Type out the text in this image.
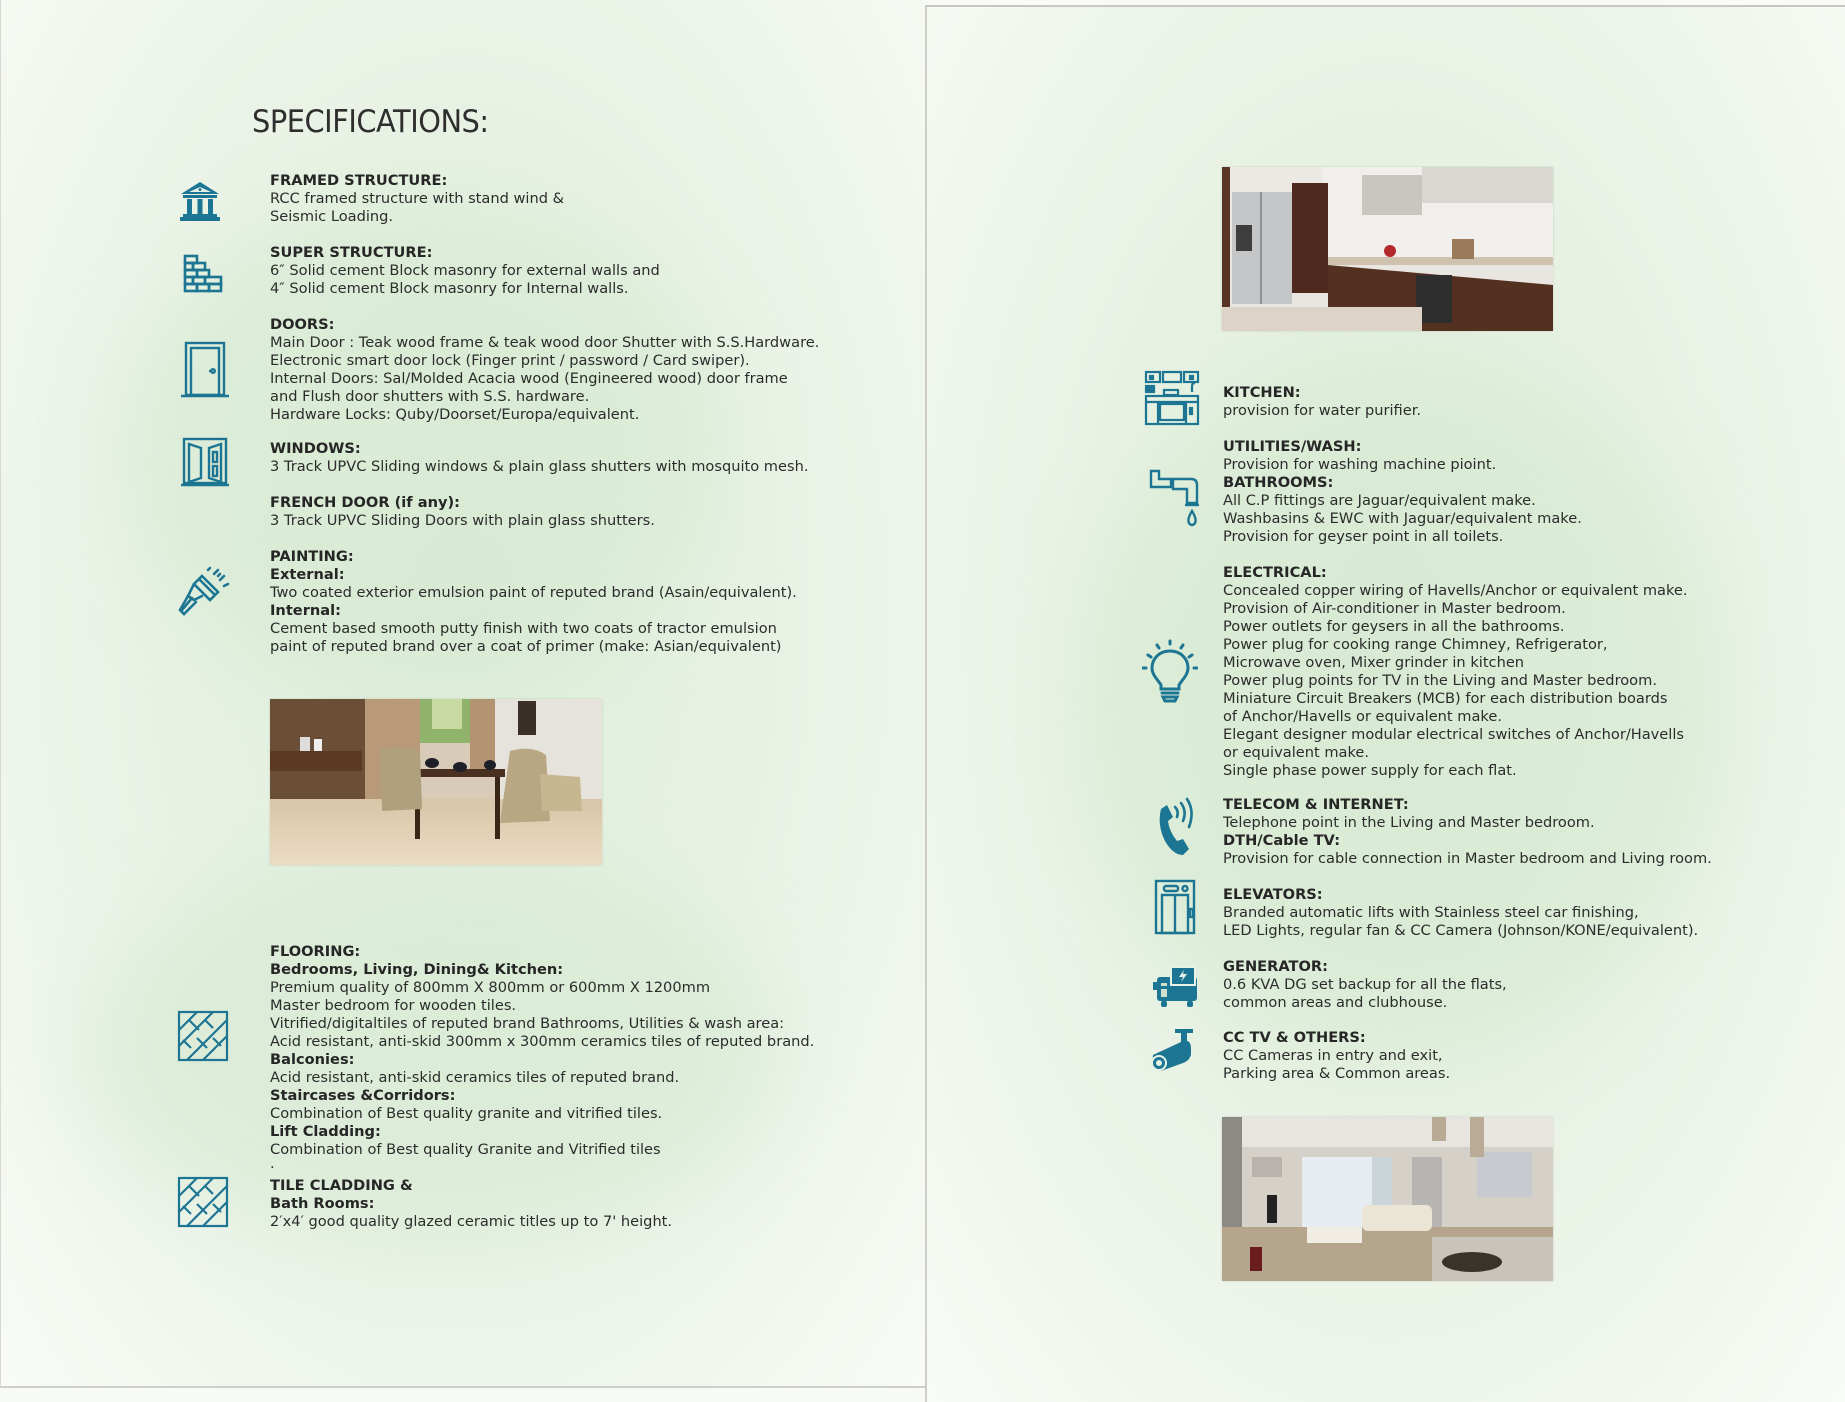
SPECIFICATIONS:
FRAMED STRUCTURE:
RCC framed structure with stand wind &
Seismic Loading.
SUPER STRUCTURE:
6″ Solid cement Block masonry for external walls and
4″ Solid cement Block masonry for Internal walls.
DOORS:
Main Door : Teak wood frame & teak wood door Shutter with S.S.Hardware.
Electronic smart door lock (Finger print / password / Card swiper).
Internal Doors: Sal/Molded Acacia wood (Engineered wood) door frame
and Flush door shutters with S.S. hardware.
Hardware Locks: Quby/Doorset/Europa/equivalent.
WINDOWS:
3 Track UPVC Sliding windows & plain glass shutters with mosquito mesh.
FRENCH DOOR (if any):
3 Track UPVC Sliding Doors with plain glass shutters.
PAINTING:
External:
Two coated exterior emulsion paint of reputed brand (Asain/equivalent).
Internal:
Cement based smooth putty finish with two coats of tractor emulsion
paint of reputed brand over a coat of primer (make: Asian/equivalent)
FLOORING:
Bedrooms, Living, Dining& Kitchen:
Premium quality of 800mm X 800mm or 600mm X 1200mm
Master bedroom for wooden tiles.
Vitrified/digitaltiles of reputed brand Bathrooms, Utilities & wash area:
Acid resistant, anti-skid 300mm x 300mm ceramics tiles of reputed brand.
Balconies:
Acid resistant, anti-skid ceramics tiles of reputed brand.
Staircases &Corridors:
Combination of Best quality granite and vitrified tiles.
Lift Cladding:
Combination of Best quality Granite and Vitrified tiles
.
TILE CLADDING &
Bath Rooms:
2′x4′ good quality glazed ceramic titles up to 7' height.
KITCHEN:
provision for water purifier.
UTILITIES/WASH:
Provision for washing machine pioint.
BATHROOMS:
All C.P fittings are Jaguar/equivalent make.
Washbasins & EWC with Jaguar/equivalent make.
Provision for geyser point in all toilets.
ELECTRICAL:
Concealed copper wiring of Havells/Anchor or equivalent make.
Provision of Air-conditioner in Master bedroom.
Power outlets for geysers in all the bathrooms.
Power plug for cooking range Chimney, Refrigerator,
Microwave oven, Mixer grinder in kitchen
Power plug points for TV in the Living and Master bedroom.
Miniature Circuit Breakers (MCB) for each distribution boards
of Anchor/Havells or equivalent make.
Elegant designer modular electrical switches of Anchor/Havells
or equivalent make.
Single phase power supply for each flat.
TELECOM & INTERNET:
Telephone point in the Living and Master bedroom.
DTH/Cable TV:
Provision for cable connection in Master bedroom and Living room.
ELEVATORS:
Branded automatic lifts with Stainless steel car finishing,
LED Lights, regular fan & CC Camera (Johnson/KONE/equivalent).
GENERATOR:
0.6 KVA DG set backup for all the flats,
common areas and clubhouse.
CC TV & OTHERS:
CC Cameras in entry and exit,
Parking area & Common areas.
